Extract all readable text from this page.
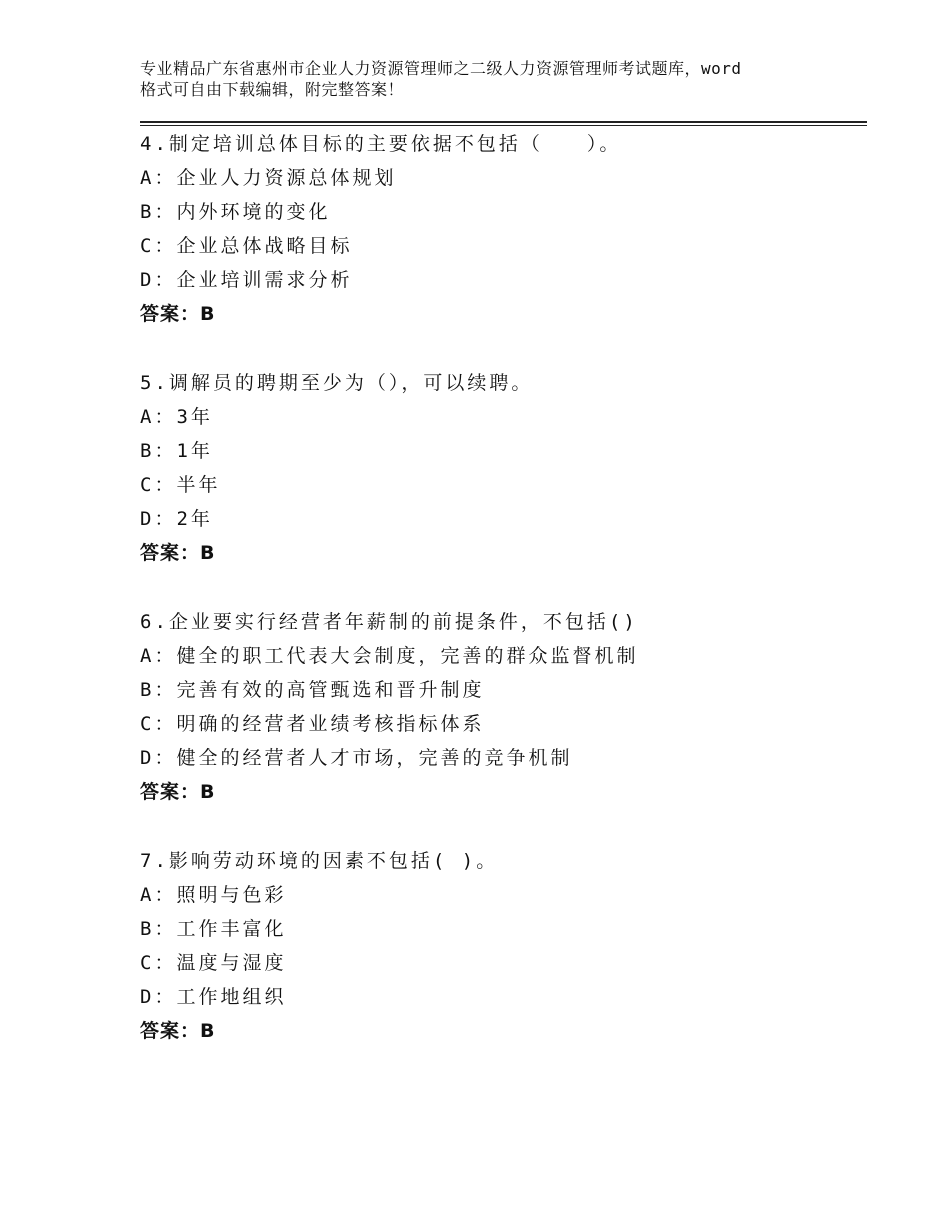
专业精品广东省惠州市企业人力资源管理师之二级人力资源管理师考试题库，word
格式可自由下载编辑，附完整答案！
4.制定培训总体目标的主要依据不包括（　　）。
A：企业人力资源总体规划
B：内外环境的变化
C：企业总体战略目标
D：企业培训需求分析
答案：B
5.调解员的聘期至少为（），可以续聘。
A：3年
B：1年
C：半年
D：2年
答案：B
6.企业要实行经营者年薪制的前提条件，不包括()
A：健全的职工代表大会制度，完善的群众监督机制
B：完善有效的高管甄选和晋升制度
C：明确的经营者业绩考核指标体系
D：健全的经营者人才市场，完善的竞争机制
答案：B
7.影响劳动环境的因素不包括( )。
A：照明与色彩
B：工作丰富化
C：温度与湿度
D：工作地组织
答案：B
